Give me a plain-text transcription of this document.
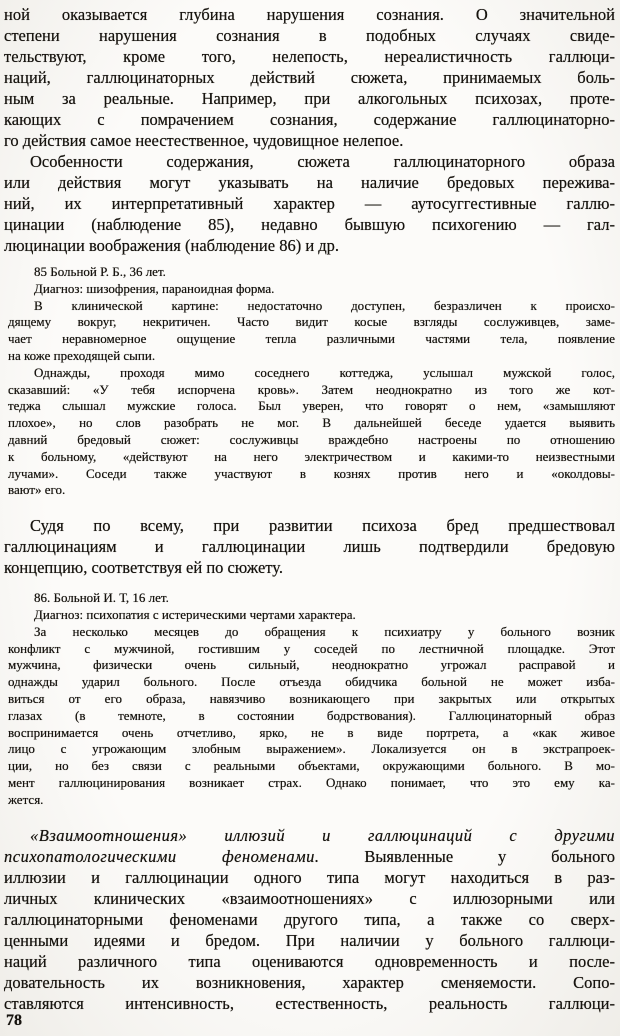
ной оказывается глубина нарушения сознания. О значительной
степени нарушения сознания в подобных случаях свиде-
тельствуют, кроме того, нелепость, нереалистичность галлюци-
наций, галлюцинаторных действий сюжета, принимаемых боль-
ным за реальные. Например, при алкогольных психозах, проте-
кающих с помрачением сознания, содержание галлюцинаторно-
го действия самое неестественное, чудовищное нелепое.
Особенности содержания, сюжета галлюцинаторного образа
или действия могут указывать на наличие бредовых пережива-
ний, их интерпретативный характер — аутосуггестивные галлю-
цинации (наблюдение 85), недавно бывшую психогению — гал-
люцинации воображения (наблюдение 86) и др.
85 Больной Р. Б., 36 лет.
Диагноз: шизофрения, параноидная форма.
В клинической картине: недостаточно доступен, безразличен к происхо-
дящему вокруг, некритичен. Часто видит косые взгляды сослуживцев, заме-
чает неравномерное ощущение тепла различными частями тела, появление
на коже преходящей сыпи.
Однажды, проходя мимо соседнего коттеджа, услышал мужской голос,
сказавший: «У тебя испорчена кровь». Затем неоднократно из того же кот-
теджа слышал мужские голоса. Был уверен, что говорят о нем, «замышляют
плохое», но слов разобрать не мог. В дальнейшей беседе удается выявить
давний бредовый сюжет: сослуживцы враждебно настроены по отношению
к больному, «действуют на него электричеством и какими-то неизвестными
лучами». Соседи также участвуют в кознях против него и «околдовы-
вают» его.
Судя по всему, при развитии психоза бред предшествовал
галлюцинациям и галлюцинации лишь подтвердили бредовую
концепцию, соответствуя ей по сюжету.
86. Больной И. Т, 16 лет.
Диагноз: психопатия с истерическими чертами характера.
За несколько месяцев до обращения к психиатру у больного возник
конфликт с мужчиной, гостившим у соседей по лестничной площадке. Этот
мужчина, физически очень сильный, неоднократно угрожал расправой и
однажды ударил больного. После отъезда обидчика больной не может изба-
виться от его образа, навязчиво возникающего при закрытых или открытых
глазах (в темноте, в состоянии бодрствования). Галлюцинаторный образ
воспринимается очень отчетливо, ярко, не в виде портрета, а «как живое
лицо с угрожающим злобным выражением». Локализуется он в экстрапроек-
ции, но без связи с реальными объектами, окружающими больного. В мо-
мент галлюцинирования возникает страх. Однако понимает, что это ему ка-
жется.
«Взаимоотношения» иллюзий и галлюцинаций с другими
психопатологическими феноменами. Выявленные у больного
иллюзии и галлюцинации одного типа могут находиться в раз-
личных клинических «взаимоотношениях» с иллюзорными или
галлюцинаторными феноменами другого типа, а также со сверх-
ценными идеями и бредом. При наличии у больного галлюци-
наций различного типа оцениваются одновременность и после-
довательность их возникновения, характер сменяемости. Сопо-
ставляются интенсивность, естественность, реальность галлюци-
78
